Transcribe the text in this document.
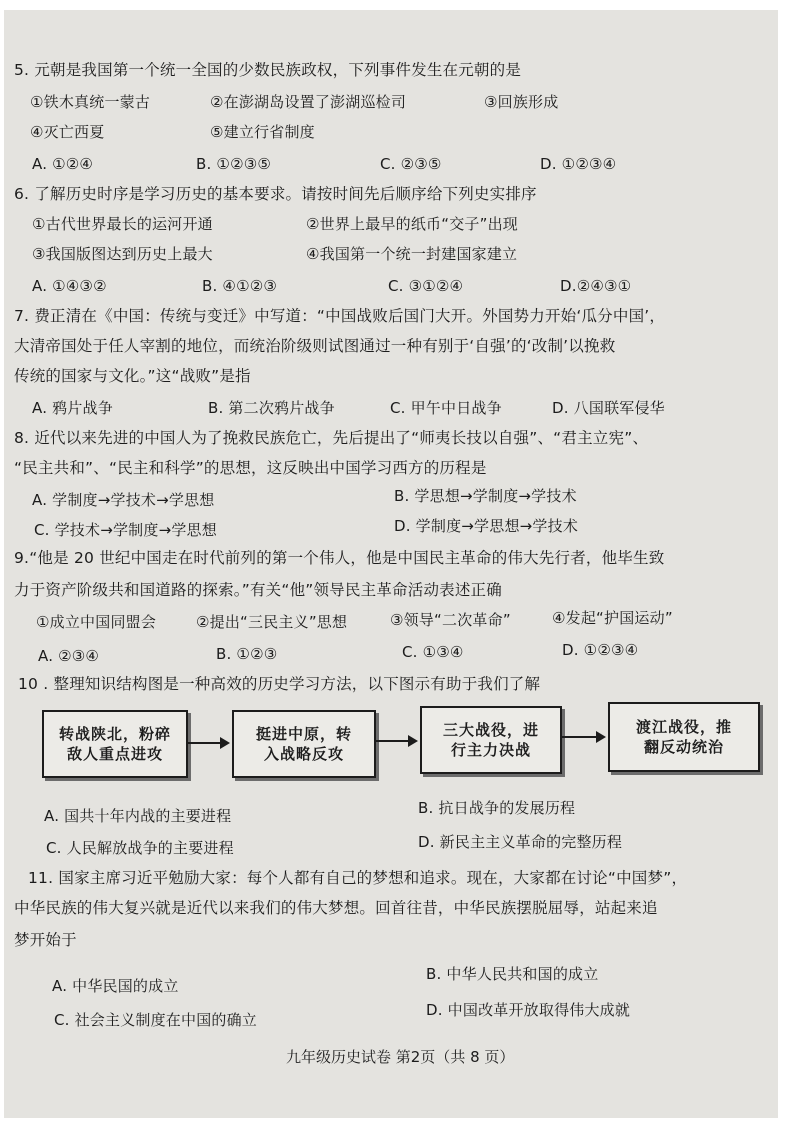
5. 元朝是我国第一个统一全国的少数民族政权，下列事件发生在元朝的是
①铁木真统一蒙古	②在澎湖岛设置了澎湖巡检司	③回族形成
④灭亡西夏	⑤建立行省制度
A. ①②④	B. ①②③⑤	C. ②③⑤	D. ①②③④
6. 了解历史时序是学习历史的基本要求。请按时间先后顺序给下列史实排序
①古代世界最长的运河开通	②世界上最早的纸币“交子”出现
③我国版图达到历史上最大	④我国第一个统一封建国家建立
A. ①④③②	B. ④①②③	C. ③①②④	D.②④③①
7. 费正清在《中国：传统与变迁》中写道：“中国战败后国门大开。外国势力开始‘瓜分中国’，
大清帝国处于任人宰割的地位，而统治阶级则试图通过一种有别于‘自强’的‘改制’以挽救
传统的国家与文化。”这“战败”是指
A. 鸦片战争	B. 第二次鸦片战争	C. 甲午中日战争	D. 八国联军侵华
8. 近代以来先进的中国人为了挽救民族危亡，先后提出了“师夷长技以自强”、“君主立宪”、
“民主共和”、“民主和科学”的思想，这反映出中国学习西方的历程是
A. 学制度→学技术→学思想	B. 学思想→学制度→学技术
C. 学技术→学制度→学思想	D. 学制度→学思想→学技术
9.“他是 20 世纪中国走在时代前列的第一个伟人，他是中国民主革命的伟大先行者，他毕生致
力于资产阶级共和国道路的探索。”有关“他”领导民主革命活动表述正确
①成立中国同盟会	②提出“三民主义”思想	③领导“二次革命”	④发起“护国运动”
A. ②③④	B. ①②③	C. ①③④	D. ①②③④
10 . 整理知识结构图是一种高效的历史学习方法，以下图示有助于我们了解
转战陕北，粉碎
敌人重点进攻
挺进中原，转
入战略反攻
三大战役，进
行主力决战
渡江战役，推
翻反动统治
A. 国共十年内战的主要进程	B. 抗日战争的发展历程
C. 人民解放战争的主要进程	D. 新民主主义革命的完整历程
11. 国家主席习近平勉励大家：每个人都有自己的梦想和追求。现在，大家都在讨论“中国梦”，
中华民族的伟大复兴就是近代以来我们的伟大梦想。回首往昔，中华民族摆脱屈辱，站起来追
梦开始于
A. 中华民国的成立
B. 中华人民共和国的成立
C. 社会主义制度在中国的确立
D. 中国改革开放取得伟大成就
九年级历史试卷 第2页（共 8 页）
